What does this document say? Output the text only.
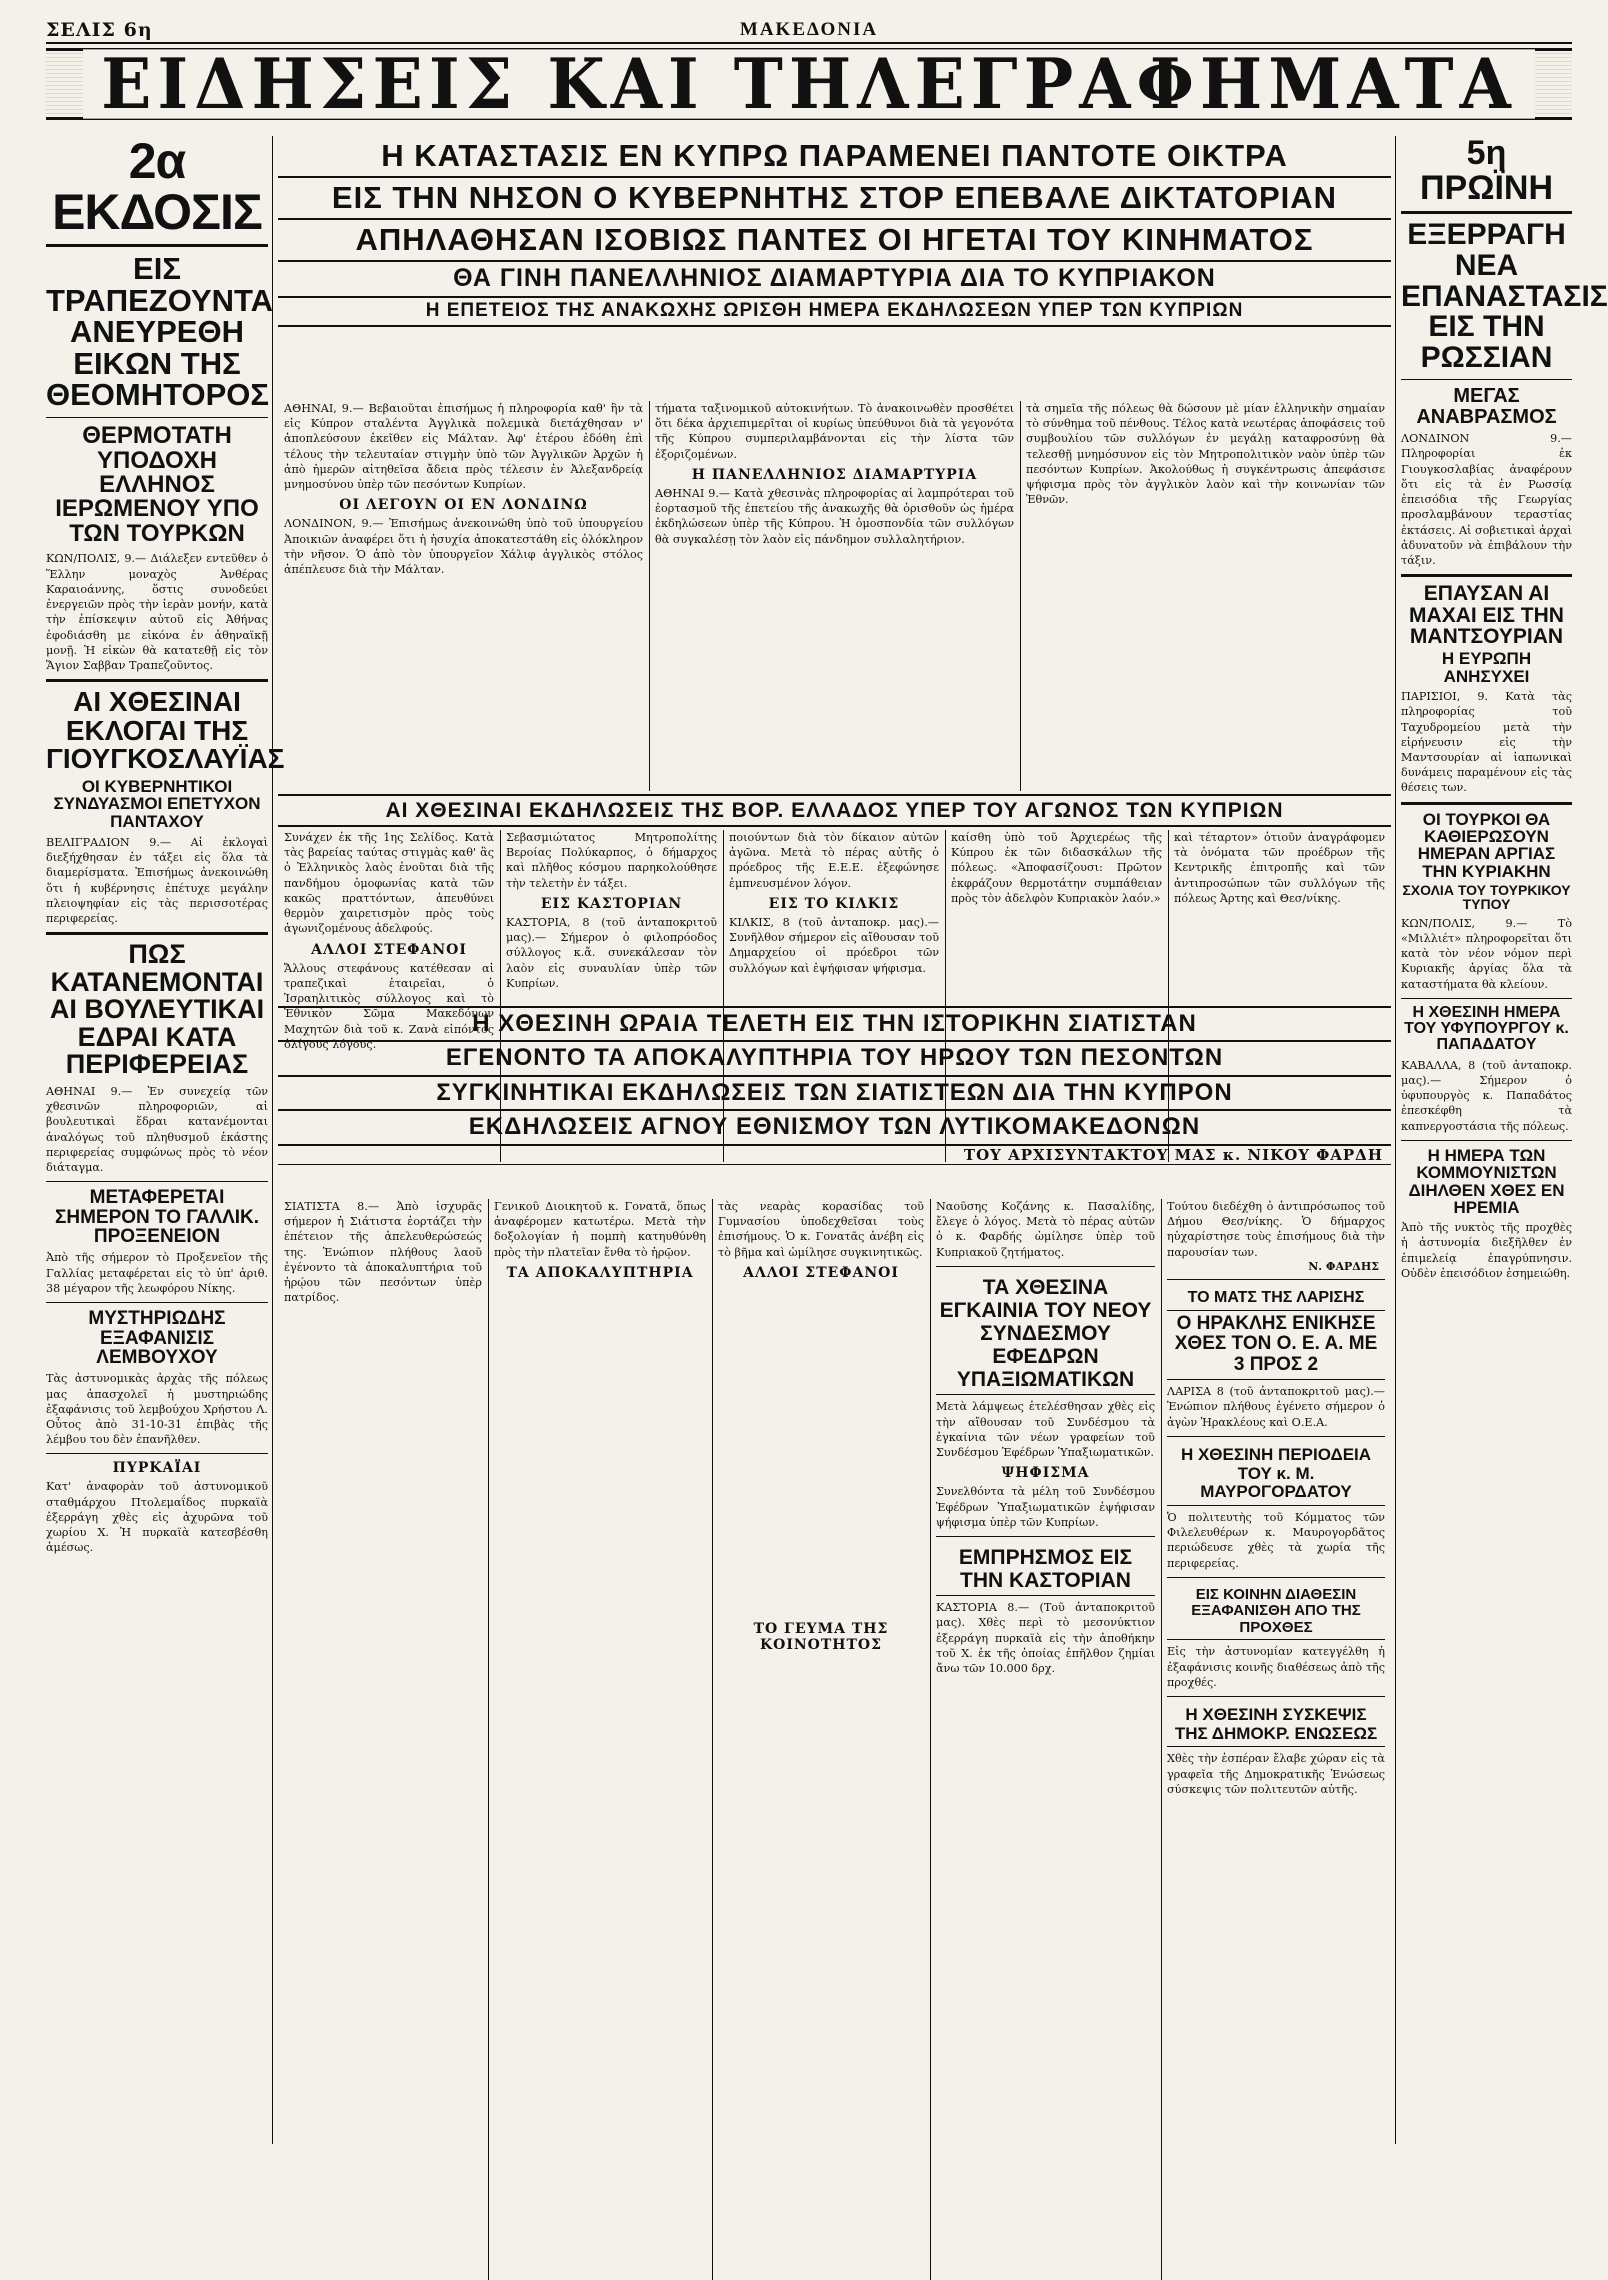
ΣΕΛΙΣ 6η	ΜΑΚΕΔΟΝΙΑ
ΕΙΔΗΣΕΙΣ ΚΑΙ ΤΗΛΕΓΡΑΦΗΜΑΤΑ
2α ΕΚΔΟΣΙΣ
ΕΙΣ ΤΡΑΠΕΖΟΥΝΤΑ ΑΝΕΥΡΕΘΗ ΕΙΚΩΝ ΤΗΣ ΘΕΟΜΗΤΟΡΟΣ
ΘΕΡΜΟΤΑΤΗ ΥΠΟΔΟΧΗ ΕΛΛΗΝΟΣ ΙΕΡΩΜΕΝΟΥ ΥΠΟ ΤΩΝ ΤΟΥΡΚΩΝ
ΚΩΝ/ΠΟΛΙΣ, 9.— Διάλεξεν εντεῦθεν ὁ Ἕλλην μοναχὸς Ἀνθέρας Καραιοάννης, ὅστις συνοδεύει ἐνεργειῶν πρὸς τὴν ἱερὰν μονήν, κατὰ τὴν ἐπίσκεψιν αὐτοῦ εἰς Ἀθήνας ἐφοδιάσθη με εἰκόνα ἐν ἀθηναϊκῇ μονῇ. Ἡ εἰκὼν θὰ κατατεθῇ εἰς τὸν Ἅγιον Σαββαν Τραπεζοῦντος.
ΑΙ ΧΘΕΣΙΝΑΙ ΕΚΛΟΓΑΙ ΤΗΣ ΓΙΟΥΓΚΟΣΛΑΥΪΑΣ
ΟΙ ΚΥΒΕΡΝΗΤΙΚΟΙ ΣΥΝΔΥΑΣΜΟΙ ΕΠΕΤΥΧΟΝ ΠΑΝΤΑΧΟΥ
ΒΕΛΙΓΡΑΔΙΟΝ 9.— Αἱ ἐκλογαὶ διεξήχθησαν ἐν τάξει εἰς ὅλα τὰ διαμερίσματα. Ἐπισήμως ἀνεκοινώθη ὅτι ἡ κυβέρνησις ἐπέτυχε μεγάλην πλειοψηφίαν εἰς τὰς περισσοτέρας περιφερείας.
ΠΩΣ ΚΑΤΑΝΕΜΟΝΤΑΙ ΑΙ ΒΟΥΛΕΥΤΙΚΑΙ ΕΔΡΑΙ ΚΑΤΑ ΠΕΡΙΦΕΡΕΙΑΣ
ΑΘΗΝΑΙ 9.— Ἐν συνεχείᾳ τῶν χθεσινῶν πληροφοριῶν, αἱ βουλευτικαὶ ἕδραι κατανέμονται ἀναλόγως τοῦ πληθυσμοῦ ἑκάστης περιφερείας συμφώνως πρὸς τὸ νέον διάταγμα.
ΜΕΤΑΦΕΡΕΤΑΙ ΣΗΜΕΡΟΝ ΤΟ ΓΑΛΛΙΚ. ΠΡΟΞΕΝΕΙΟΝ
Ἀπὸ τῆς σήμερον τὸ Προξενεῖον τῆς Γαλλίας μεταφέρεται εἰς τὸ ὑπ' ἀριθ. 38 μέγαρον τῆς λεωφόρου Νίκης.
ΜΥΣΤΗΡΙΩΔΗΣ ΕΞΑΦΑΝΙΣΙΣ ΛΕΜΒΟΥΧΟΥ
Τὰς ἀστυνομικὰς ἀρχὰς τῆς πόλεως μας ἀπασχολεῖ ἡ μυστηριώδης ἐξαφάνισις τοῦ λεμβούχου Χρήστου Λ. Οὗτος ἀπὸ 31-10-31 ἐπιβὰς τῆς λέμβου του δὲν ἐπανῆλθεν.
ΠΥΡΚΑΪΑΙ
Κατ' ἀναφορὰν τοῦ ἀστυνομικοῦ σταθμάρχου Πτολεμαΐδος πυρκαϊὰ ἐξερράγη χθὲς εἰς ἀχυρῶνα τοῦ χωρίου Χ. Ἡ πυρκαϊὰ κατεσβέσθη ἀμέσως.
Η ΚΑΤΑΣΤΑΣΙΣ ΕΝ ΚΥΠΡΩ ΠΑΡΑΜΕΝΕΙ ΠΑΝΤΟΤΕ ΟΙΚΤΡΑ
ΕΙΣ ΤΗΝ ΝΗΣΟΝ Ο ΚΥΒΕΡΝΗΤΗΣ ΣΤΟΡ ΕΠΕΒΑΛΕ ΔΙΚΤΑΤΟΡΙΑΝ
ΑΠΗΛΑΘΗΣΑΝ ΙΣΟΒΙΩΣ ΠΑΝΤΕΣ ΟΙ ΗΓΕΤΑΙ ΤΟΥ ΚΙΝΗΜΑΤΟΣ
ΘΑ ΓΙΝΗ ΠΑΝΕΛΛΗΝΙΟΣ ΔΙΑΜΑΡΤΥΡΙΑ ΔΙΑ ΤΟ ΚΥΠΡΙΑΚΟΝ
Η ΕΠΕΤΕΙΟΣ ΤΗΣ ΑΝΑΚΩΧΗΣ ΩΡΙΣΘΗ ΗΜΕΡΑ ΕΚΔΗΛΩΣΕΩΝ ΥΠΕΡ ΤΩΝ ΚΥΠΡΙΩΝ
ΑΘΗΝΑΙ, 9.— Βεβαιοῦται ἐπισήμως ἡ πληροφορία καθ' ἣν τὰ εἰς Κύπρον σταλέντα Ἀγγλικὰ πολεμικὰ διετάχθησαν ν' ἀποπλεύσουν ἐκεῖθεν εἰς Μάλταν. Ἀφ' ἑτέρου ἐδόθη ἐπὶ τέλους τὴν τελευταίαν στιγμὴν ὑπὸ τῶν Ἀγγλικῶν Ἀρχῶν ἡ ἀπὸ ἡμερῶν αἰτηθεῖσα ἄδεια πρὸς τέλεσιν ἐν Ἀλεξανδρείᾳ μνημοσύνου ὑπὲρ τῶν πεσόντων Κυπρίων.
ΟΙ ΛΕΓΟΥΝ ΟΙ ΕΝ ΛΟΝΔΙΝΩ
ΛΟΝΔΙΝΟΝ, 9.— Ἐπισήμως ἀνεκοινώθη ὑπὸ τοῦ ὑπουργείου Ἀποικιῶν ἀναφέρει ὅτι ἡ ἡσυχία ἀποκατεστάθη εἰς ὁλόκληρον τὴν νῆσον. Ὁ ἀπὸ τὸν ὑπουργεῖον Χάλιφ ἀγγλικὸς στόλος ἀπέπλευσε διὰ τὴν Μάλταν.
τήματα ταξινομικοῦ αὐτοκινήτων. Τὸ ἀνακοινωθὲν προσθέτει ὅτι δέκα ἀρχιεπιμερῖται οἱ κυρίως ὑπεύθυνοι διὰ τὰ γεγονότα τῆς Κύπρου συμπεριλαμβάνονται εἰς τὴν λίστα τῶν ἐξοριζομένων.
Η ΠΑΝΕΛΛΗΝΙΟΣ ΔΙΑΜΑΡΤΥΡΙΑ
ΑΘΗΝΑΙ 9.— Κατὰ χθεσινὰς πληροφορίας αἱ λαμπρότεραι τοῦ ἑορτασμοῦ τῆς ἐπετείου τῆς ἀνακωχῆς θὰ ὁρισθοῦν ὡς ἡμέρα ἐκδηλώσεων ὑπὲρ τῆς Κύπρου. Ἡ ὁμοσπονδία τῶν συλλόγων θὰ συγκαλέσῃ τὸν λαὸν εἰς πάνδημον συλλαλητήριον.
τὰ σημεῖα τῆς πόλεως θὰ δώσουν μὲ μίαν ἑλληνικὴν σημαίαν τὸ σύνθημα τοῦ πένθους. Τέλος κατὰ νεωτέρας ἀποφάσεις τοῦ συμβουλίου τῶν συλλόγων ἐν μεγάλῃ καταφροσύνῃ θὰ τελεσθῇ μνημόσυνον εἰς τὸν Μητροπολιτικὸν ναὸν ὑπὲρ τῶν πεσόντων Κυπρίων. Ἀκολούθως ἡ συγκέντρωσις ἀπεφάσισε ψήφισμα πρὸς τὸν ἀγγλικὸν λαὸν καὶ τὴν κοινωνίαν τῶν Ἐθνῶν.
ΑΙ ΧΘΕΣΙΝΑΙ ΕΚΔΗΛΩΣΕΙΣ ΤΗΣ ΒΟΡ. ΕΛΛΑΔΟΣ ΥΠΕΡ ΤΟΥ ΑΓΩΝΟΣ ΤΩΝ ΚΥΠΡΙΩΝ
Συνάχεν ἐκ τῆς 1ης Σελίδος. Κατὰ τὰς βαρείας ταύτας στιγμὰς καθ' ἃς ὁ Ἑλληνικὸς λαὸς ἑνοῦται διὰ τῆς πανδήμου ὁμοφωνίας κατὰ τῶν κακῶς πραττόντων, ἀπευθύνει θερμὸν χαιρετισμὸν πρὸς τοὺς ἀγωνιζομένους ἀδελφούς.
ΑΛΛΟΙ ΣΤΕΦΑΝΟΙ
Ἄλλους στεφάνους κατέθεσαν αἱ τραπεζικαὶ ἑταιρεῖαι, ὁ Ἰσραηλιτικὸς σύλλογος καὶ τὸ Ἐθνικὸν Σῶμα Μακεδόνων Μαχητῶν διὰ τοῦ κ. Ζανὰ εἰπόντος ὀλίγους λόγους.
Σεβασμιώτατος Μητροπολίτης Βεροίας Πολύκαρπος, ὁ δήμαρχος καὶ πλῆθος κόσμου παρηκολούθησε τὴν τελετὴν ἐν τάξει.
ΕΙΣ ΚΑΣΤΟΡΙΑΝ
ΚΑΣΤΟΡΙΑ, 8 (τοῦ ἀνταποκριτοῦ μας).— Σήμερον ὁ φιλοπρόοδος σύλλογος κ.ἄ. συνεκάλεσαν τὸν λαὸν εἰς συναυλίαν ὑπὲρ τῶν Κυπρίων.
ποιούντων διὰ τὸν δίκαιον αὐτῶν ἀγῶνα. Μετὰ τὸ πέρας αὐτῆς ὁ πρόεδρος τῆς Ε.Ε.Ε. ἐξεφώνησε ἐμπνευσμένον λόγον.
ΕΙΣ ΤΟ ΚΙΛΚΙΣ
ΚΙΛΚΙΣ, 8 (τοῦ ἀνταποκρ. μας).— Συνῆλθον σήμερον εἰς αἴθουσαν τοῦ Δημαρχείου οἱ πρόεδροι τῶν συλλόγων καὶ ἐψήφισαν ψήφισμα.
καίσθη ὑπὸ τοῦ Ἀρχιερέως τῆς Κύπρου ἐκ τῶν διδασκάλων τῆς πόλεως. «Ἀποφασίζουσι: Πρῶτον ἐκφράζουν θερμοτάτην συμπάθειαν πρὸς τὸν ἀδελφὸν Κυπριακὸν λαόν.»
καὶ τέταρτον» ὁτιοῦν ἀναγράφομεν τὰ ὀνόματα τῶν προέδρων τῆς Κεντρικῆς ἐπιτροπῆς καὶ τῶν ἀντιπροσώπων τῶν συλλόγων τῆς πόλεως Ἀρτης καὶ Θεσ/νίκης.
Η ΧΘΕΣΙΝΗ ΩΡΑΙΑ ΤΕΛΕΤΗ ΕΙΣ ΤΗΝ ΙΣΤΟΡΙΚΗΝ ΣΙΑΤΙΣΤΑΝ
ΕΓΕΝΟΝΤΟ ΤΑ ΑΠΟΚΑΛΥΠΤΗΡΙΑ ΤΟΥ ΗΡΩΟΥ ΤΩΝ ΠΕΣΟΝΤΩΝ
ΣΥΓΚΙΝΗΤΙΚΑΙ ΕΚΔΗΛΩΣΕΙΣ ΤΩΝ ΣΙΑΤΙΣΤΕΩΝ ΔΙΑ ΤΗΝ ΚΥΠΡΟΝ
ΕΚΔΗΛΩΣΕΙΣ ΑΓΝΟΥ ΕΘΝΙΣΜΟΥ ΤΩΝ ΛΥΤΙΚΟΜΑΚΕΔΟΝΩΝ
ΤΟΥ ΑΡΧΙΣΥΝΤΑΚΤΟΥ ΜΑΣ κ. ΝΙΚΟΥ ΦΑΡΔΗ
ΣΙΑΤΙΣΤΑ 8.— Ἀπὸ ἰσχυρᾶς σήμερον ἡ Σιάτιστα ἐορτάζει τὴν ἐπέτειον τῆς ἀπελευθερώσεώς της. Ἐνώπιον πλήθους λαοῦ ἐγένοντο τὰ ἀποκαλυπτήρια τοῦ ἡρῴου τῶν πεσόντων ὑπὲρ πατρίδος.
Γενικοῦ Διοικητοῦ κ. Γονατᾶ, ὅπως ἀναφέρομεν κατωτέρω. Μετὰ τὴν δοξολογίαν ἡ πομπὴ κατηυθύνθη πρὸς τὴν πλατεῖαν ἔνθα τὸ ἡρῷον.
ΤΑ ΑΠΟΚΑΛΥΠΤΗΡΙΑ
τὰς νεαρὰς κορασίδας τοῦ Γυμνασίου ὑποδεχθεῖσαι τοὺς ἐπισήμους. Ὁ κ. Γονατᾶς ἀνέβη εἰς τὸ βῆμα καὶ ὡμίλησε συγκινητικῶς.
ΑΛΛΟΙ ΣΤΕΦΑΝΟΙ
ΤΟ ΓΕΥΜΑ ΤΗΣ ΚΟΙΝΟΤΗΤΟΣ
Ναοῦσης Κοζάνης κ. Πασαλίδης, ἔλεγε ὁ λόγος. Μετὰ τὸ πέρας αὐτῶν ὁ κ. Φαρδής ὡμίλησε ὑπὲρ τοῦ Κυπριακοῦ ζητήματος.
ΤΑ ΧΘΕΣΙΝΑ ΕΓΚΑΙΝΙΑ ΤΟΥ ΝΕΟΥ ΣΥΝΔΕΣΜΟΥ ΕΦΕΔΡΩΝ ΥΠΑΞΙΩΜΑΤΙΚΩΝ
Μετὰ λάμψεως ἐτελέσθησαν χθὲς εἰς τὴν αἴθουσαν τοῦ Συνδέσμου τὰ ἐγκαίνια τῶν νέων γραφείων τοῦ Συνδέσμου Ἐφέδρων Ὑπαξιωματικῶν.
ΨΗΦΙΣΜΑ
Συνελθόντα τὰ μέλη τοῦ Συνδέσμου Ἐφέδρων Ὑπαξιωματικῶν ἐψήφισαν ψήφισμα ὑπὲρ τῶν Κυπρίων.
ΕΜΠΡΗΣΜΟΣ ΕΙΣ ΤΗΝ ΚΑΣΤΟΡΙΑΝ
ΚΑΣΤΟΡΙΑ 8.— (Τοῦ ἀνταποκριτοῦ μας). Χθὲς περὶ τὸ μεσονύκτιον ἐξερράγη πυρκαϊὰ εἰς τὴν ἀποθήκην τοῦ Χ. ἐκ τῆς ὁποίας ἐπῆλθον ζημίαι ἄνω τῶν 10.000 δρχ.
Τούτου διεδέχθη ὁ ἀντιπρόσωπος τοῦ Δήμου Θεσ/νίκης. Ὁ δήμαρχος ηὐχαρίστησε τοὺς ἐπισήμους διὰ τὴν παρουσίαν των.
Ν. ΦΑΡΔΗΣ
ΤΟ ΜΑΤΣ ΤΗΣ ΛΑΡΙΣΗΣ
Ο ΗΡΑΚΛΗΣ ΕΝΙΚΗΣΕ ΧΘΕΣ ΤΟΝ Ο. Ε. Α. ΜΕ 3 ΠΡΟΣ 2
ΛΑΡΙΣΑ 8 (τοῦ ἀνταποκριτοῦ μας).— Ἐνώπιον πλήθους ἐγένετο σήμερον ὁ ἀγὼν Ἡρακλέους καὶ Ο.Ε.Α.
Η ΧΘΕΣΙΝΗ ΠΕΡΙΟΔΕΙΑ ΤΟΥ κ. Μ. ΜΑΥΡΟΓΟΡΔΑΤΟΥ
Ὁ πολιτευτὴς τοῦ Κόμματος τῶν Φιλελευθέρων κ. Μαυρογορδᾶτος περιώδευσε χθὲς τὰ χωρία τῆς περιφερείας.
ΕΙΣ ΚΟΙΝΗΝ ΔΙΑΘΕΣΙΝ ΕΞΑΦΑΝΙΣΘΗ ΑΠΟ ΤΗΣ ΠΡΟΧΘΕΣ
Εἰς τὴν ἀστυνομίαν κατεγγέλθη ἡ ἐξαφάνισις κοινῆς διαθέσεως ἀπὸ τῆς προχθές.
Η ΧΘΕΣΙΝΗ ΣΥΣΚΕΨΙΣ ΤΗΣ ΔΗΜΟΚΡ. ΕΝΩΣΕΩΣ
Χθὲς τὴν ἑσπέραν ἔλαβε χώραν εἰς τὰ γραφεῖα τῆς Δημοκρατικῆς Ἐνώσεως σύσκεψις τῶν πολιτευτῶν αὐτῆς.
5η ΠΡΩΪΝΗ
ΕΞΕΡΡΑΓΗ ΝΕΑ ΕΠΑΝΑΣΤΑΣΙΣ ΕΙΣ ΤΗΝ ΡΩΣΣΙΑΝ
ΜΕΓΑΣ ΑΝΑΒΡΑΣΜΟΣ
ΛΟΝΔΙΝΟΝ 9.— Πληροφορίαι ἐκ Γιουγκοσλαβίας ἀναφέρουν ὅτι εἰς τὰ ἐν Ρωσσίᾳ ἐπεισόδια τῆς Γεωργίας προσλαμβάνουν τεραστίας ἐκτάσεις. Αἱ σοβιετικαὶ ἀρχαὶ ἀδυνατοῦν νὰ ἐπιβάλουν τὴν τάξιν.
ΕΠΑΥΣΑΝ ΑΙ ΜΑΧΑΙ ΕΙΣ ΤΗΝ ΜΑΝΤΣΟΥΡΙΑΝ
Η ΕΥΡΩΠΗ ΑΝΗΣΥΧΕΙ
ΠΑΡΙΣΙΟΙ, 9. Κατὰ τὰς πληροφορίας τοῦ Ταχυδρομείου μετὰ τὴν εἰρήνευσιν εἰς τὴν Μαντσουρίαν αἱ ἰαπωνικαὶ δυνάμεις παραμένουν εἰς τὰς θέσεις των.
ΟΙ ΤΟΥΡΚΟΙ ΘΑ ΚΑΘΙΕΡΩΣΟΥΝ ΗΜΕΡΑΝ ΑΡΓΙΑΣ ΤΗΝ ΚΥΡΙΑΚΗΝ
ΣΧΟΛΙΑ ΤΟΥ ΤΟΥΡΚΙΚΟΥ ΤΥΠΟΥ
ΚΩΝ/ΠΟΛΙΣ, 9.— Τὸ «Μιλλιέτ» πληροφορεῖται ὅτι κατὰ τὸν νέον νόμον περὶ Κυριακῆς ἀργίας ὅλα τὰ καταστήματα θὰ κλείουν.
Η ΧΘΕΣΙΝΗ ΗΜΕΡΑ ΤΟΥ ΥΦΥΠΟΥΡΓΟΥ κ. ΠΑΠΑΔΑΤΟΥ
ΚΑΒΑΛΛΑ, 8 (τοῦ ἀνταποκρ. μας).— Σήμερον ὁ ὑφυπουργὸς κ. Παπαδάτος ἐπεσκέφθη τὰ καπνεργοστάσια τῆς πόλεως.
Η ΗΜΕΡΑ ΤΩΝ ΚΟΜΜΟΥΝΙΣΤΩΝ ΔΙΗΛΘΕΝ ΧΘΕΣ ΕΝ ΗΡΕΜΙΑ
Ἀπὸ τῆς νυκτὸς τῆς προχθὲς ἡ ἀστυνομία διεξῆλθεν ἐν ἐπιμελείᾳ ἐπαγρύπνησιν. Οὐδὲν ἐπεισόδιον ἐσημειώθη.
